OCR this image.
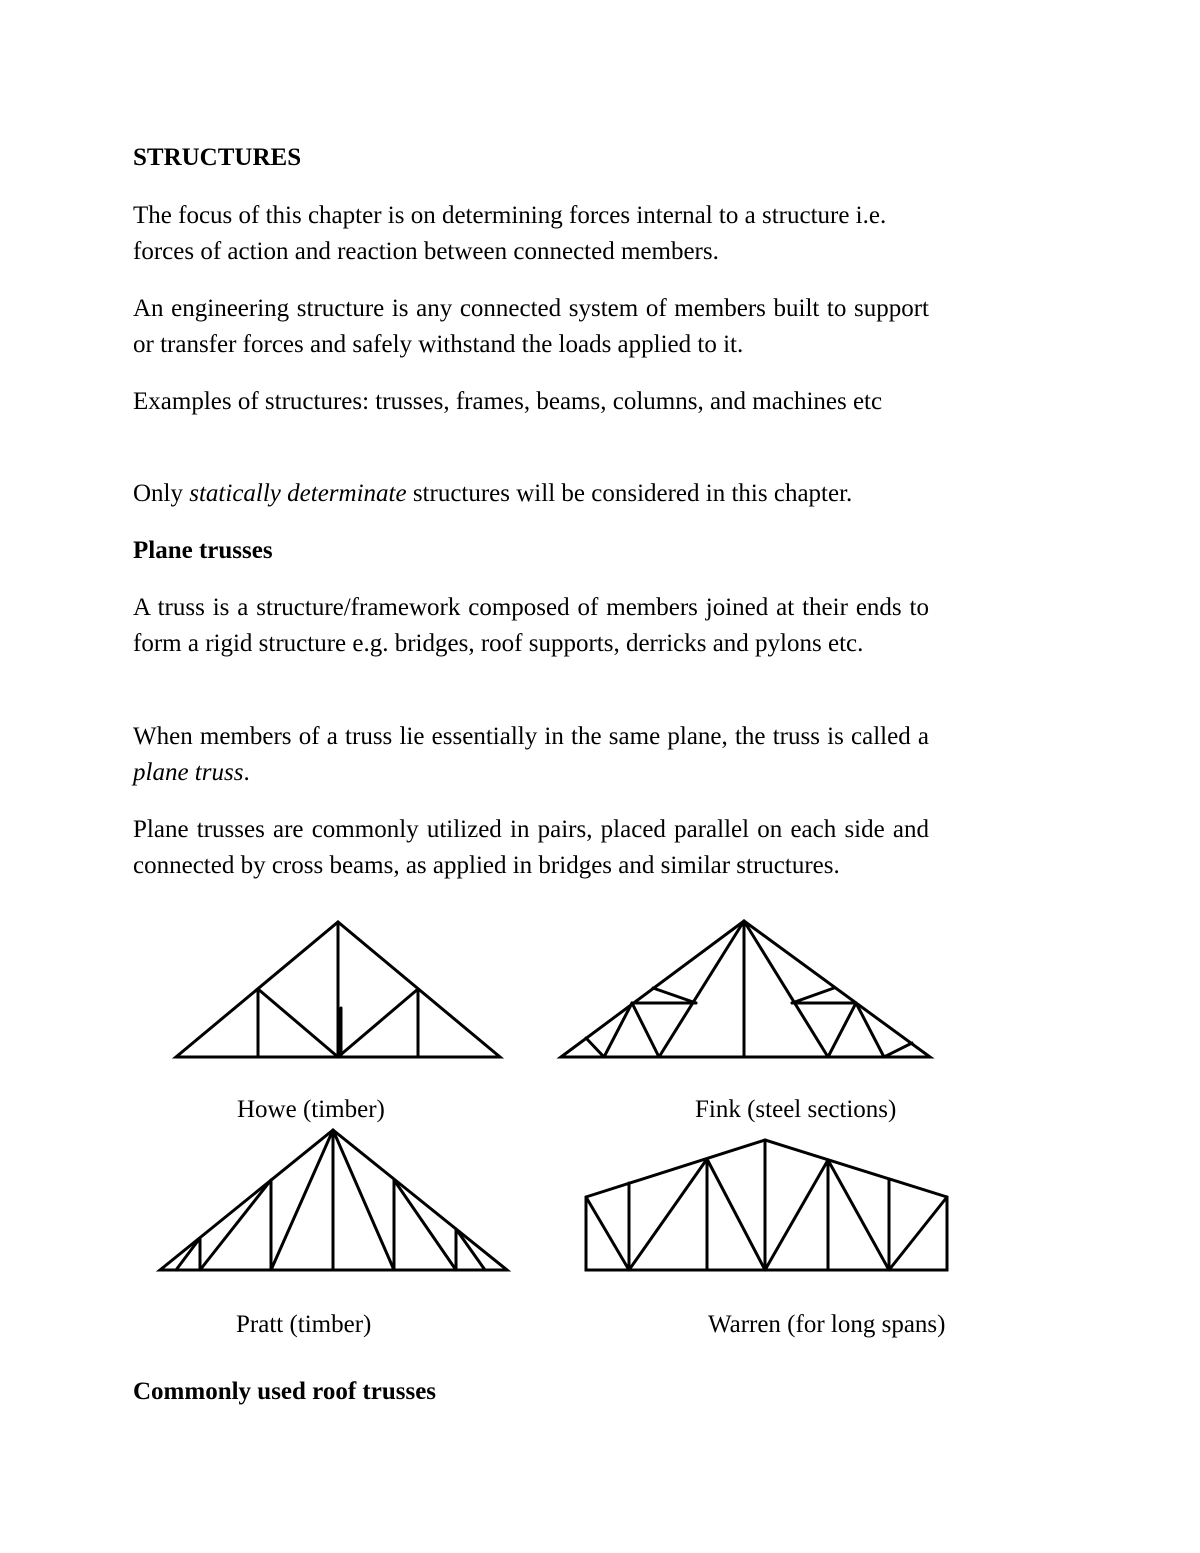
STRUCTURES

The focus of this chapter is on determining forces internal to a structure i.e. forces of action and reaction between connected members.

An engineering structure is any connected system of members built to support or transfer forces and safely withstand the loads applied to it.

Examples of structures: trusses, frames, beams, columns, and machines etc

Only statically determinate structures will be considered in this chapter.

Plane trusses

A truss is a structure/framework composed of members joined at their ends to form a rigid structure e.g. bridges, roof supports, derricks and pylons etc.

When members of a truss lie essentially in the same plane, the truss is called a plane truss.

Plane trusses are commonly utilized in pairs, placed parallel on each side and connected by cross beams, as applied in bridges and similar structures.

Howe (timber)	Fink (steel sections)
Pratt (timber)	Warren (for long spans)

Commonly used roof trusses
